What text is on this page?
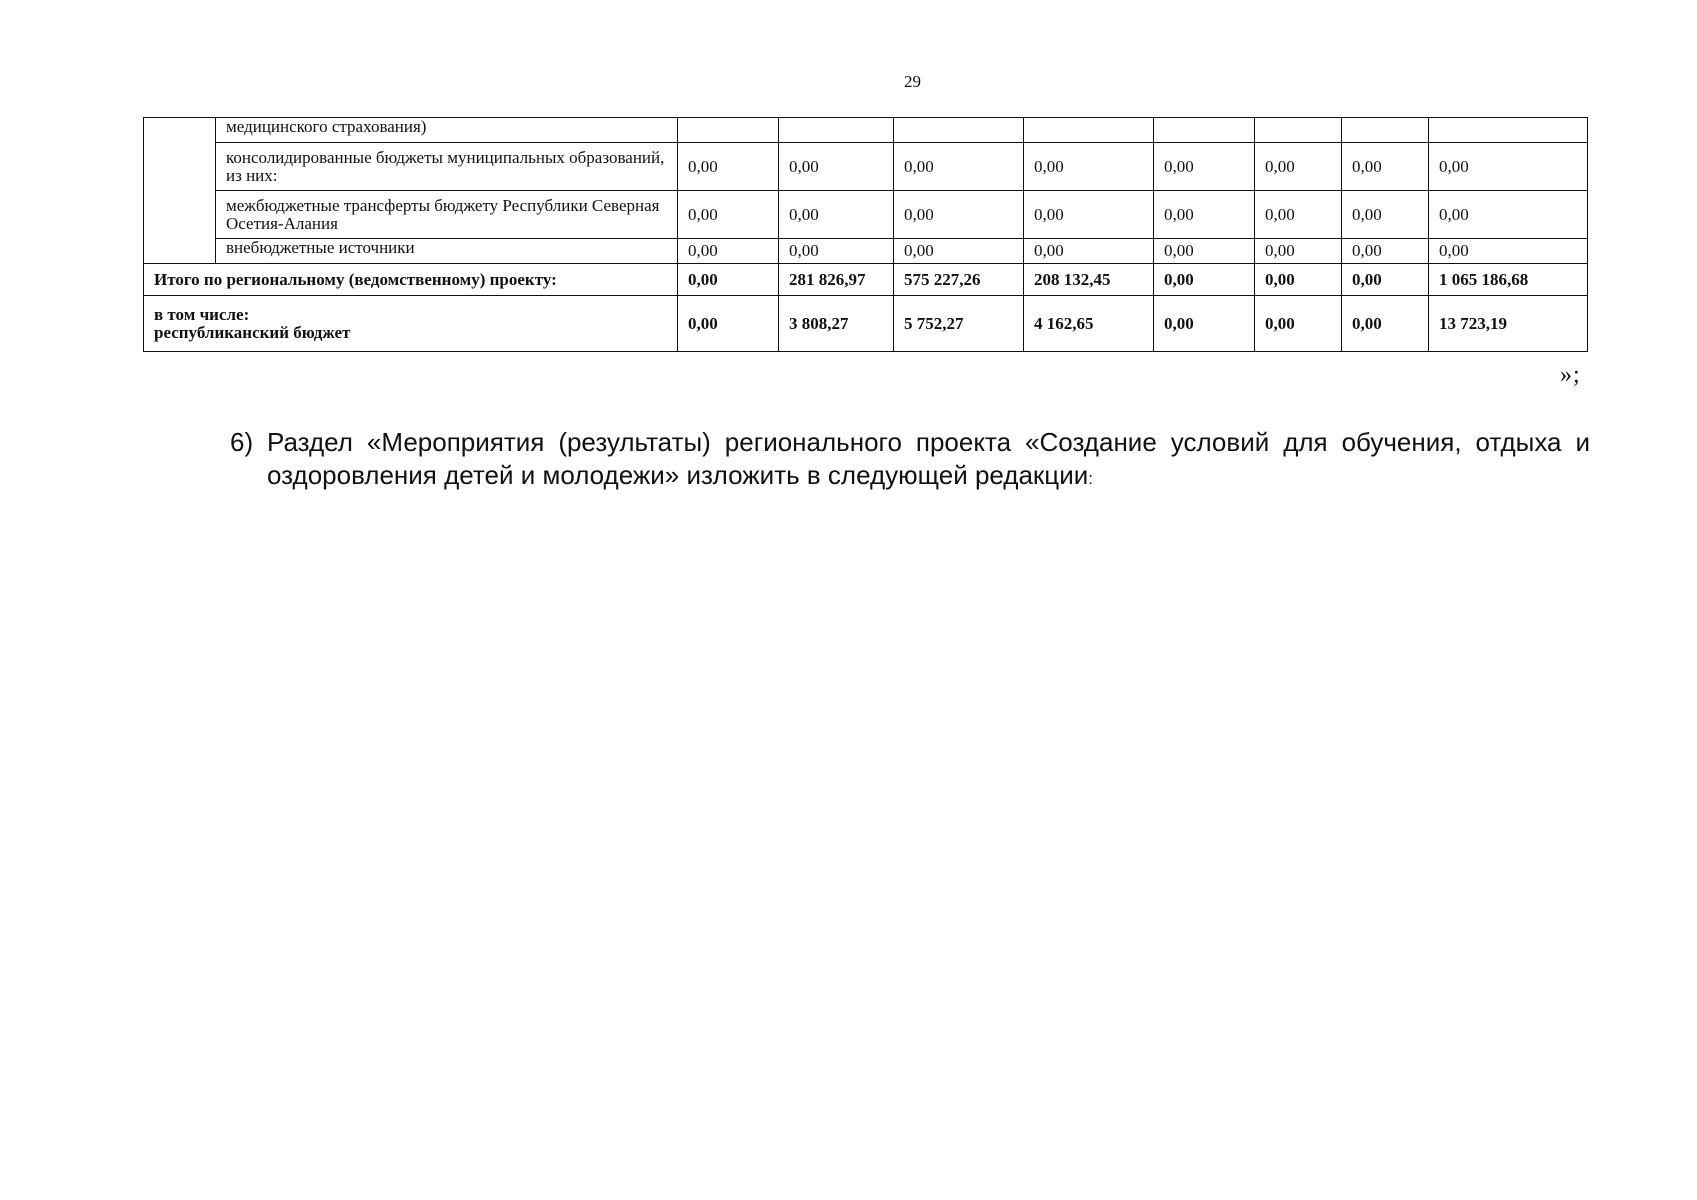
29
	медицинского страхования)								
	консолидированные бюджеты муниципальных образований, из них:	0,00	0,00	0,00	0,00	0,00	0,00	0,00	0,00
	межбюджетные трансферты бюджету Республики Северная Осетия-Алания	0,00	0,00	0,00	0,00	0,00	0,00	0,00	0,00
	внебюджетные источники	0,00	0,00	0,00	0,00	0,00	0,00	0,00	0,00
Итого по региональному (ведомственному) проекту:		0,00	281 826,97	575 227,26	208 132,45	0,00	0,00	0,00	1 065 186,68
в том числе:
республиканский бюджет		0,00	3 808,27	5 752,27	4 162,65	0,00	0,00	0,00	13 723,19
»;
6) Раздел «Мероприятия (результаты) регионального проекта «Создание условий для обучения, отдыха и оздоровления детей и молодежи» изложить в следующей редакции:
